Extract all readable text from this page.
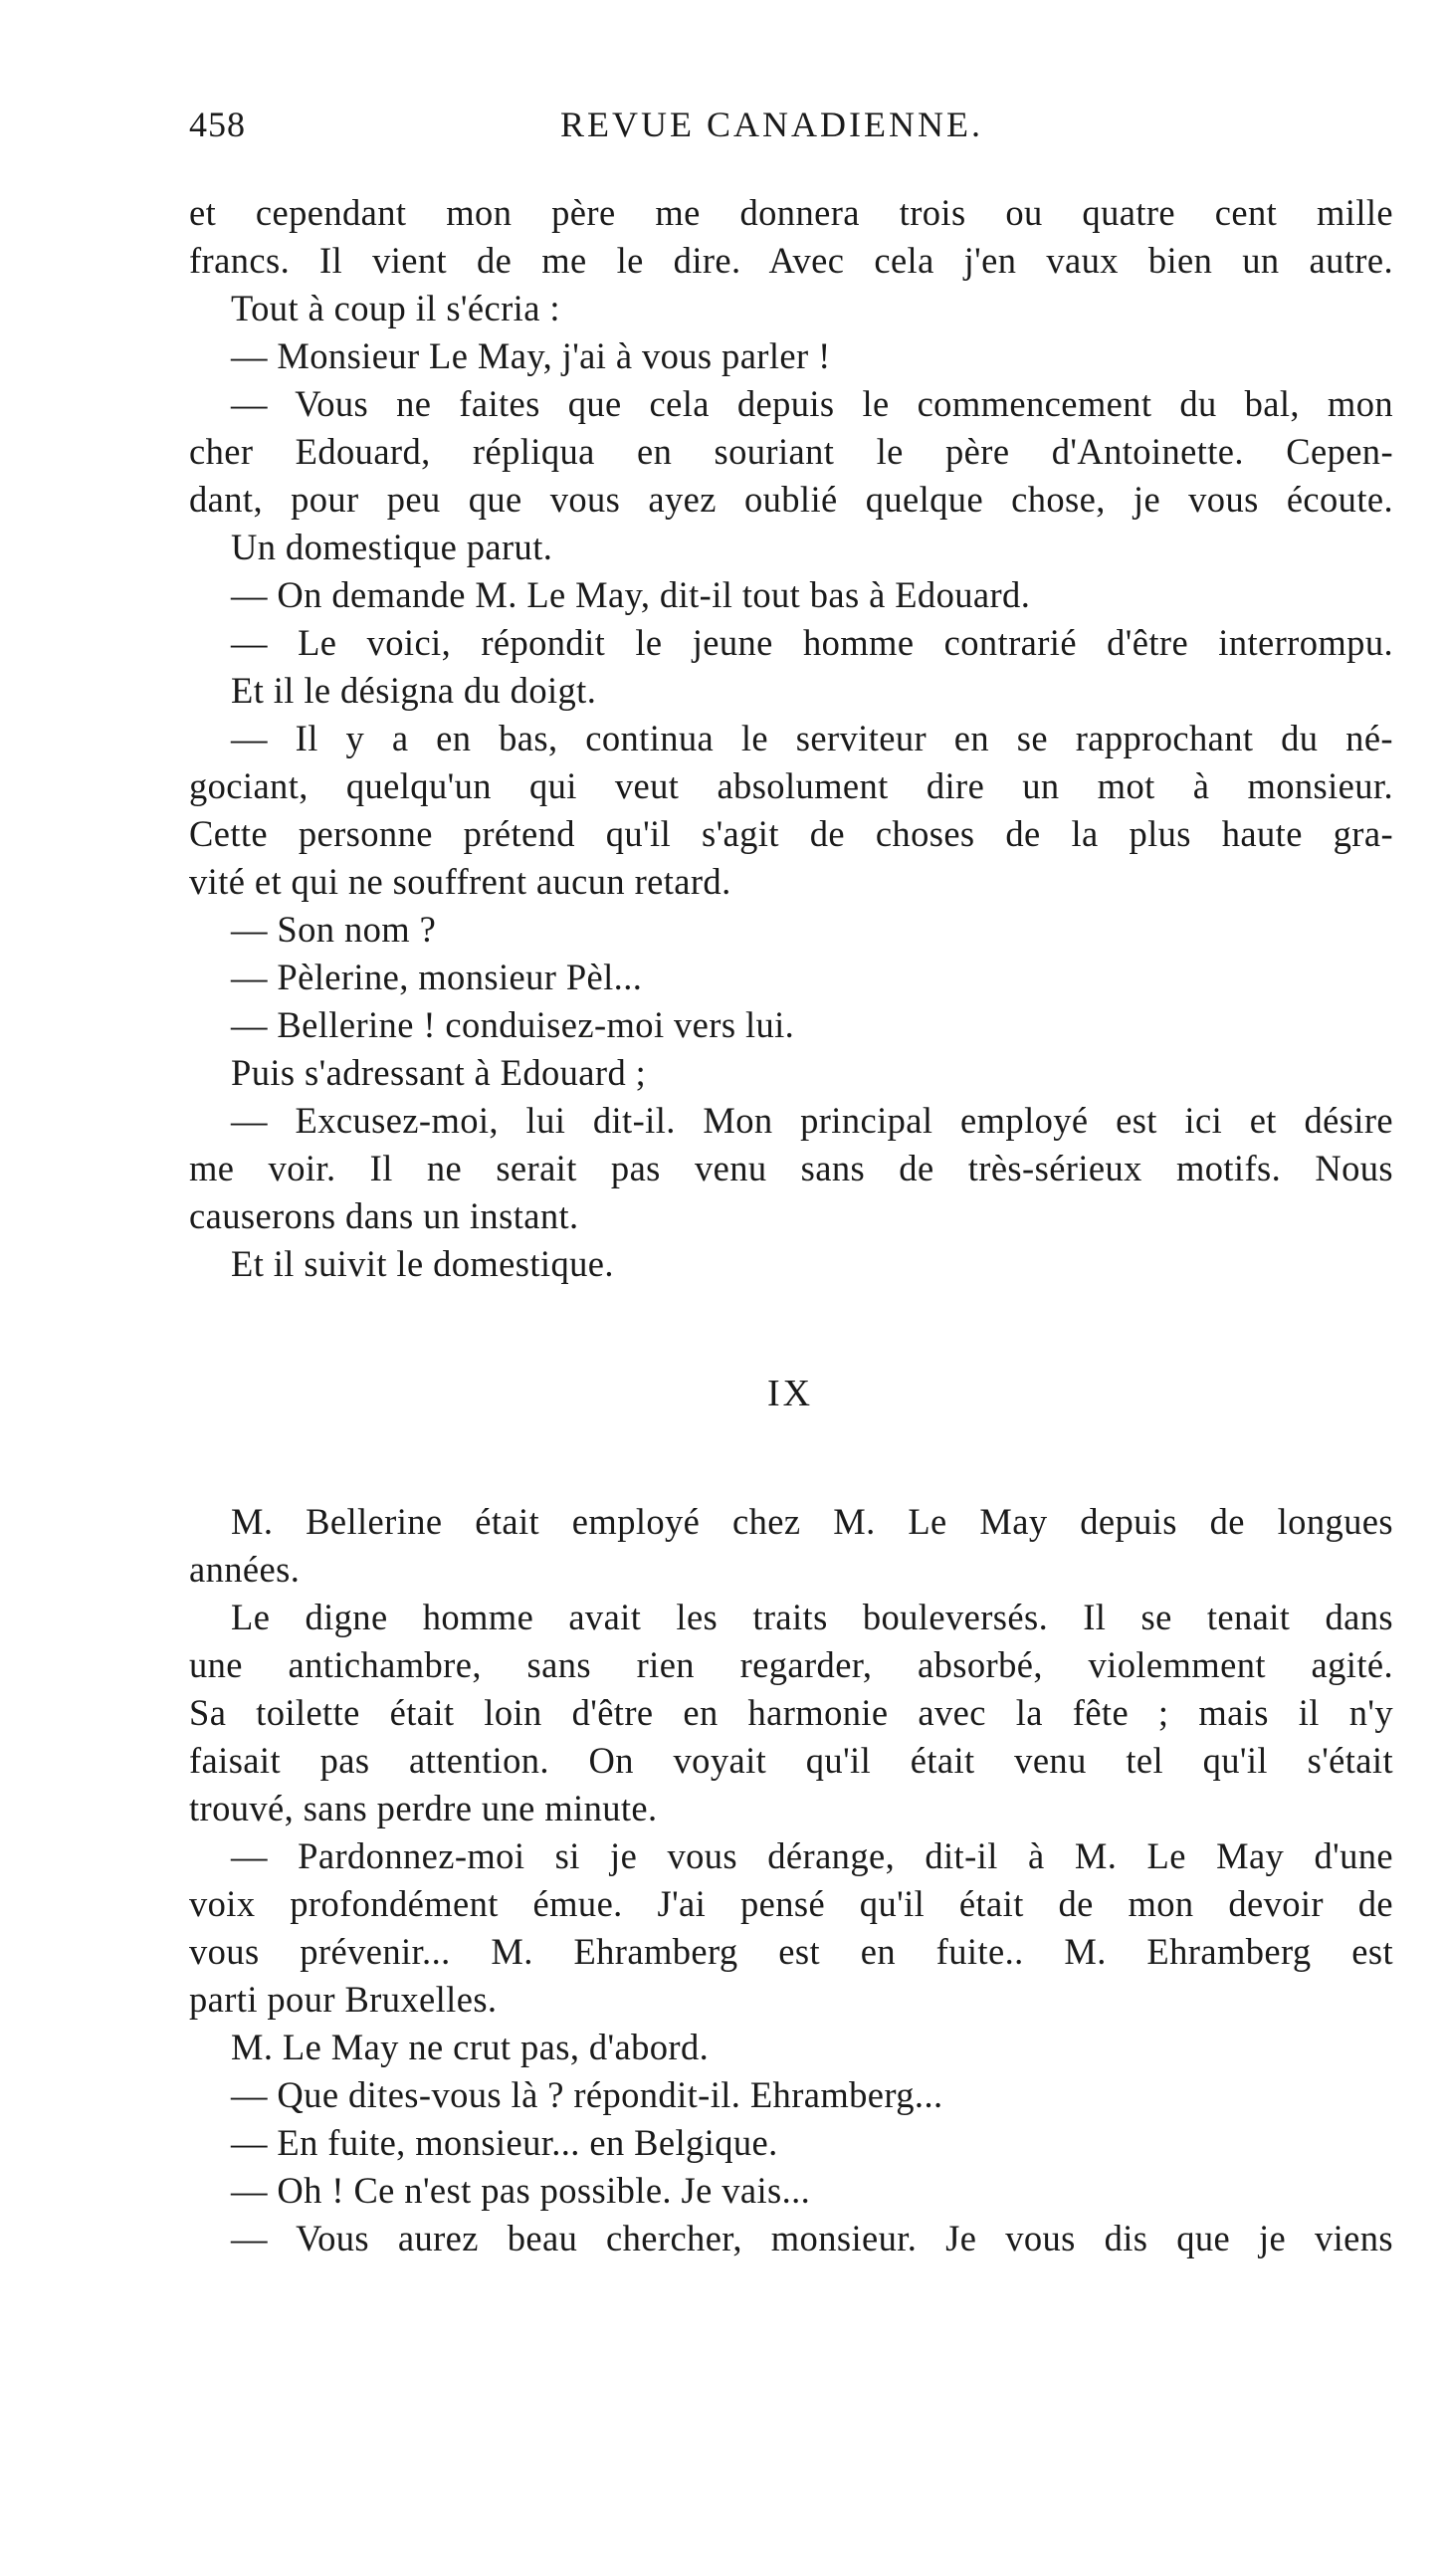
458	REVUE CANADIENNE.
et cependant mon père me donnera trois ou quatre cent mille
francs. Il vient de me le dire. Avec cela j'en vaux bien un autre.
Tout à coup il s'écria :
— Monsieur Le May, j'ai à vous parler !
— Vous ne faites que cela depuis le commencement du bal, mon
cher Edouard, répliqua en souriant le père d'Antoinette. Cepen-
dant, pour peu que vous ayez oublié quelque chose, je vous écoute.
Un domestique parut.
— On demande M. Le May, dit-il tout bas à Edouard.
— Le voici, répondit le jeune homme contrarié d'être interrompu.
Et il le désigna du doigt.
— Il y a en bas, continua le serviteur en se rapprochant du né-
gociant, quelqu'un qui veut absolument dire un mot à monsieur.
Cette personne prétend qu'il s'agit de choses de la plus haute gra-
vité et qui ne souffrent aucun retard.
— Son nom ?
— Pèlerine, monsieur Pèl...
— Bellerine ! conduisez-moi vers lui.
Puis s'adressant à Edouard ;
— Excusez-moi, lui dit-il. Mon principal employé est ici et désire
me voir. Il ne serait pas venu sans de très-sérieux motifs. Nous
causerons dans un instant.
Et il suivit le domestique.
IX
M. Bellerine était employé chez M. Le May depuis de longues
années.
Le digne homme avait les traits bouleversés. Il se tenait dans
une antichambre, sans rien regarder, absorbé, violemment agité.
Sa toilette était loin d'être en harmonie avec la fête ; mais il n'y
faisait pas attention. On voyait qu'il était venu tel qu'il s'était
trouvé, sans perdre une minute.
— Pardonnez-moi si je vous dérange, dit-il à M. Le May d'une
voix profondément émue. J'ai pensé qu'il était de mon devoir de
vous prévenir... M. Ehramberg est en fuite.. M. Ehramberg est
parti pour Bruxelles.
M. Le May ne crut pas, d'abord.
— Que dites-vous là ? répondit-il. Ehramberg...
— En fuite, monsieur... en Belgique.
— Oh ! Ce n'est pas possible. Je vais...
— Vous aurez beau chercher, monsieur. Je vous dis que je viens
